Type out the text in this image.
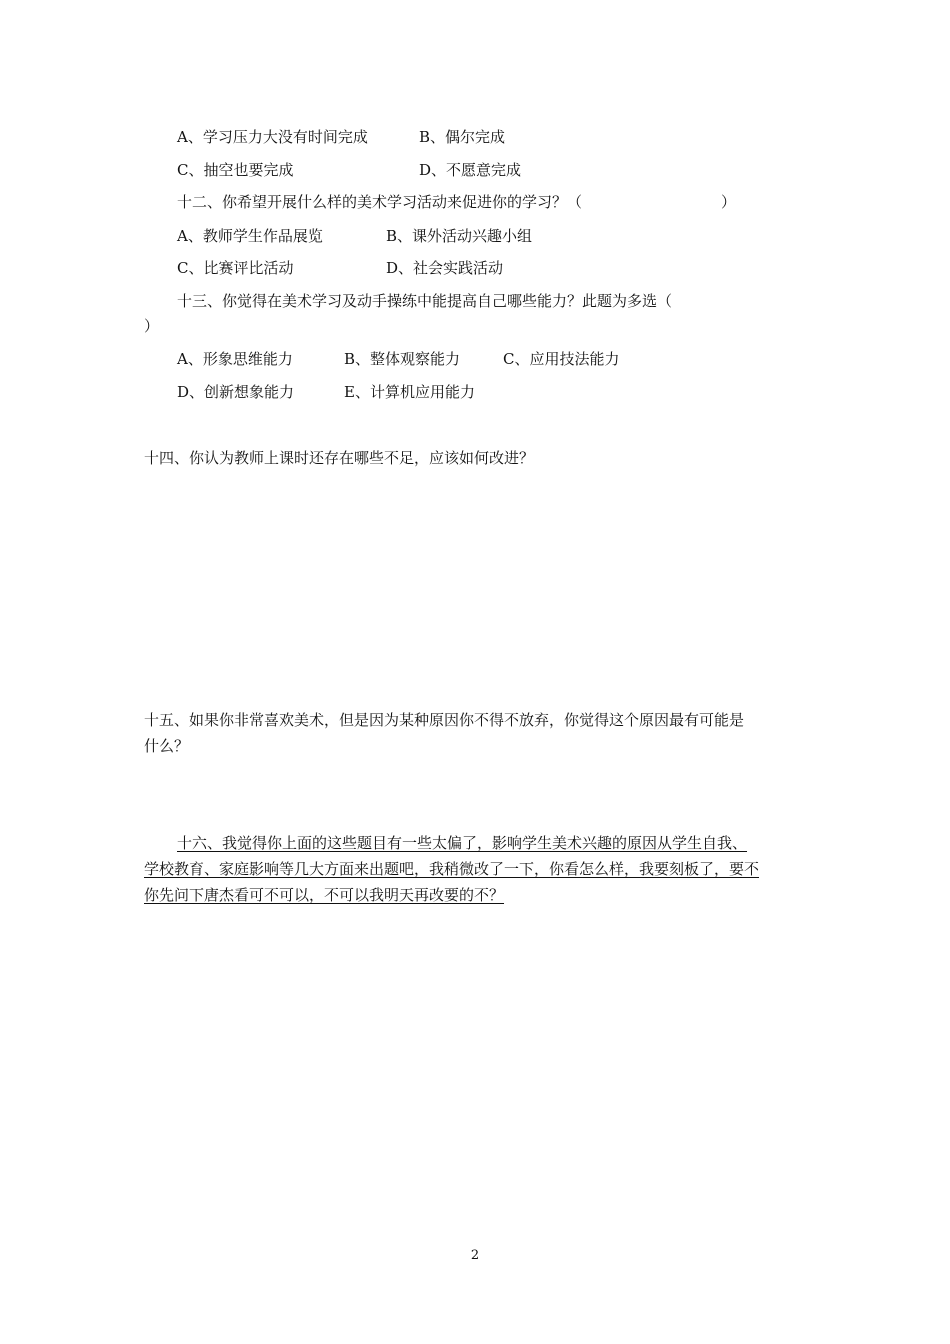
A、学习压力大没有时间完成	B、偶尔完成
C、抽空也要完成	D、不愿意完成
十二、你希望开展什么样的美术学习活动来促进你的学习？（	）
A、教师学生作品展览	B、课外活动兴趣小组
C、比赛评比活动	D、社会实践活动
十三、你觉得在美术学习及动手操练中能提高自己哪些能力？此题为多选（
）
A、形象思维能力	B、整体观察能力	C、应用技法能力
D、创新想象能力	E、计算机应用能力
十四、你认为教师上课时还存在哪些不足，应该如何改进？
十五、如果你非常喜欢美术，但是因为某种原因你不得不放弃，你觉得这个原因最有可能是
什么？
十六、我觉得你上面的这些题目有一些太偏了，影响学生美术兴趣的原因从学生自我、
学校教育、家庭影响等几大方面来出题吧，我稍微改了一下，你看怎么样，我要刻板了，要不
你先问下唐杰看可不可以，不可以我明天再改要的不？
2
